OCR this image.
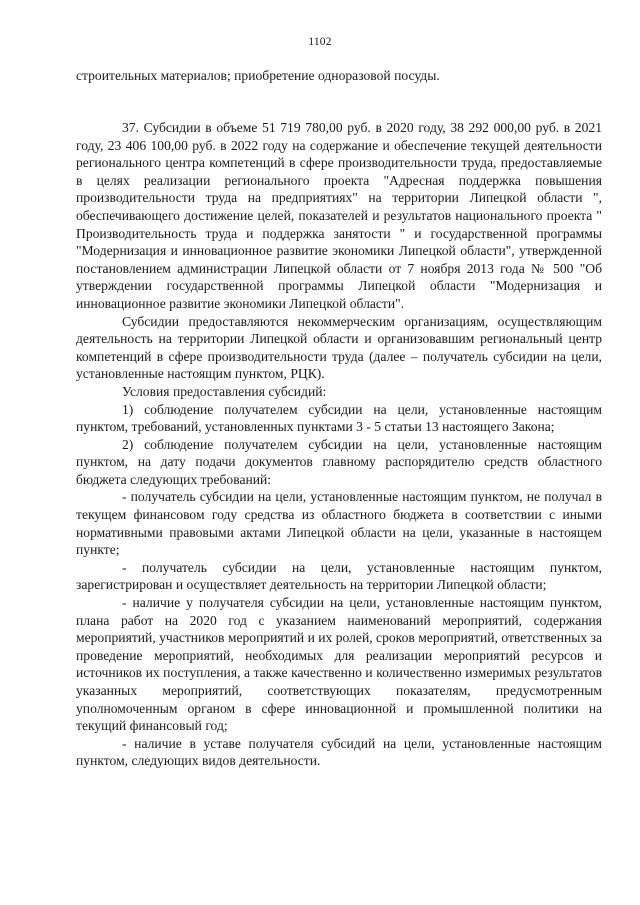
1102

строительных материалов; приобретение одноразовой посуды.

37. Субсидии в объеме 51 719 780,00 руб. в 2020 году, 38 292 000,00 руб. в 2021 году, 23 406 100,00 руб. в 2022 году на содержание и обеспечение текущей деятельности регионального центра компетенций в сфере производительности труда, предоставляемые в целях реализации регионального проекта "Адресная поддержка повышения производительности труда на предприятиях" на территории Липецкой области ", обеспечивающего достижение целей, показателей и результатов национального проекта " Производительность труда и поддержка занятости " и государственной программы "Модернизация и инновационное развитие экономики Липецкой области", утвержденной постановлением администрации Липецкой области от 7 ноября 2013 года № 500 "Об утверждении государственной программы Липецкой области "Модернизация и инновационное развитие экономики Липецкой области".

Субсидии предоставляются некоммерческим организациям, осуществляющим деятельность на территории Липецкой области и организовавшим региональный центр компетенций в сфере производительности труда (далее – получатель субсидии на цели, установленные настоящим пунктом, РЦК).

Условия предоставления субсидий:

1) соблюдение получателем субсидии на цели, установленные настоящим пунктом, требований, установленных пунктами 3 - 5 статьи 13 настоящего Закона;

2) соблюдение получателем субсидии на цели, установленные настоящим пунктом, на дату подачи документов главному распорядителю средств областного бюджета следующих требований:

- получатель субсидии на цели, установленные настоящим пунктом, не получал в текущем финансовом году средства из областного бюджета в соответствии с иными нормативными правовыми актами Липецкой области на цели, указанные в настоящем пункте;

- получатель субсидии на цели, установленные настоящим пунктом, зарегистрирован и осуществляет деятельность на территории Липецкой области;

- наличие у получателя субсидии на цели, установленные настоящим пунктом, плана работ на 2020 год с указанием наименований мероприятий, содержания мероприятий, участников мероприятий и их ролей, сроков мероприятий, ответственных за проведение мероприятий, необходимых для реализации мероприятий ресурсов и источников их поступления, а также качественно и количественно измеримых результатов указанных мероприятий, соответствующих показателям, предусмотренным уполномоченным органом в сфере инновационной и промышленной политики на текущий финансовый год;

- наличие в уставе получателя субсидий на цели, установленные настоящим пунктом, следующих видов деятельности.
